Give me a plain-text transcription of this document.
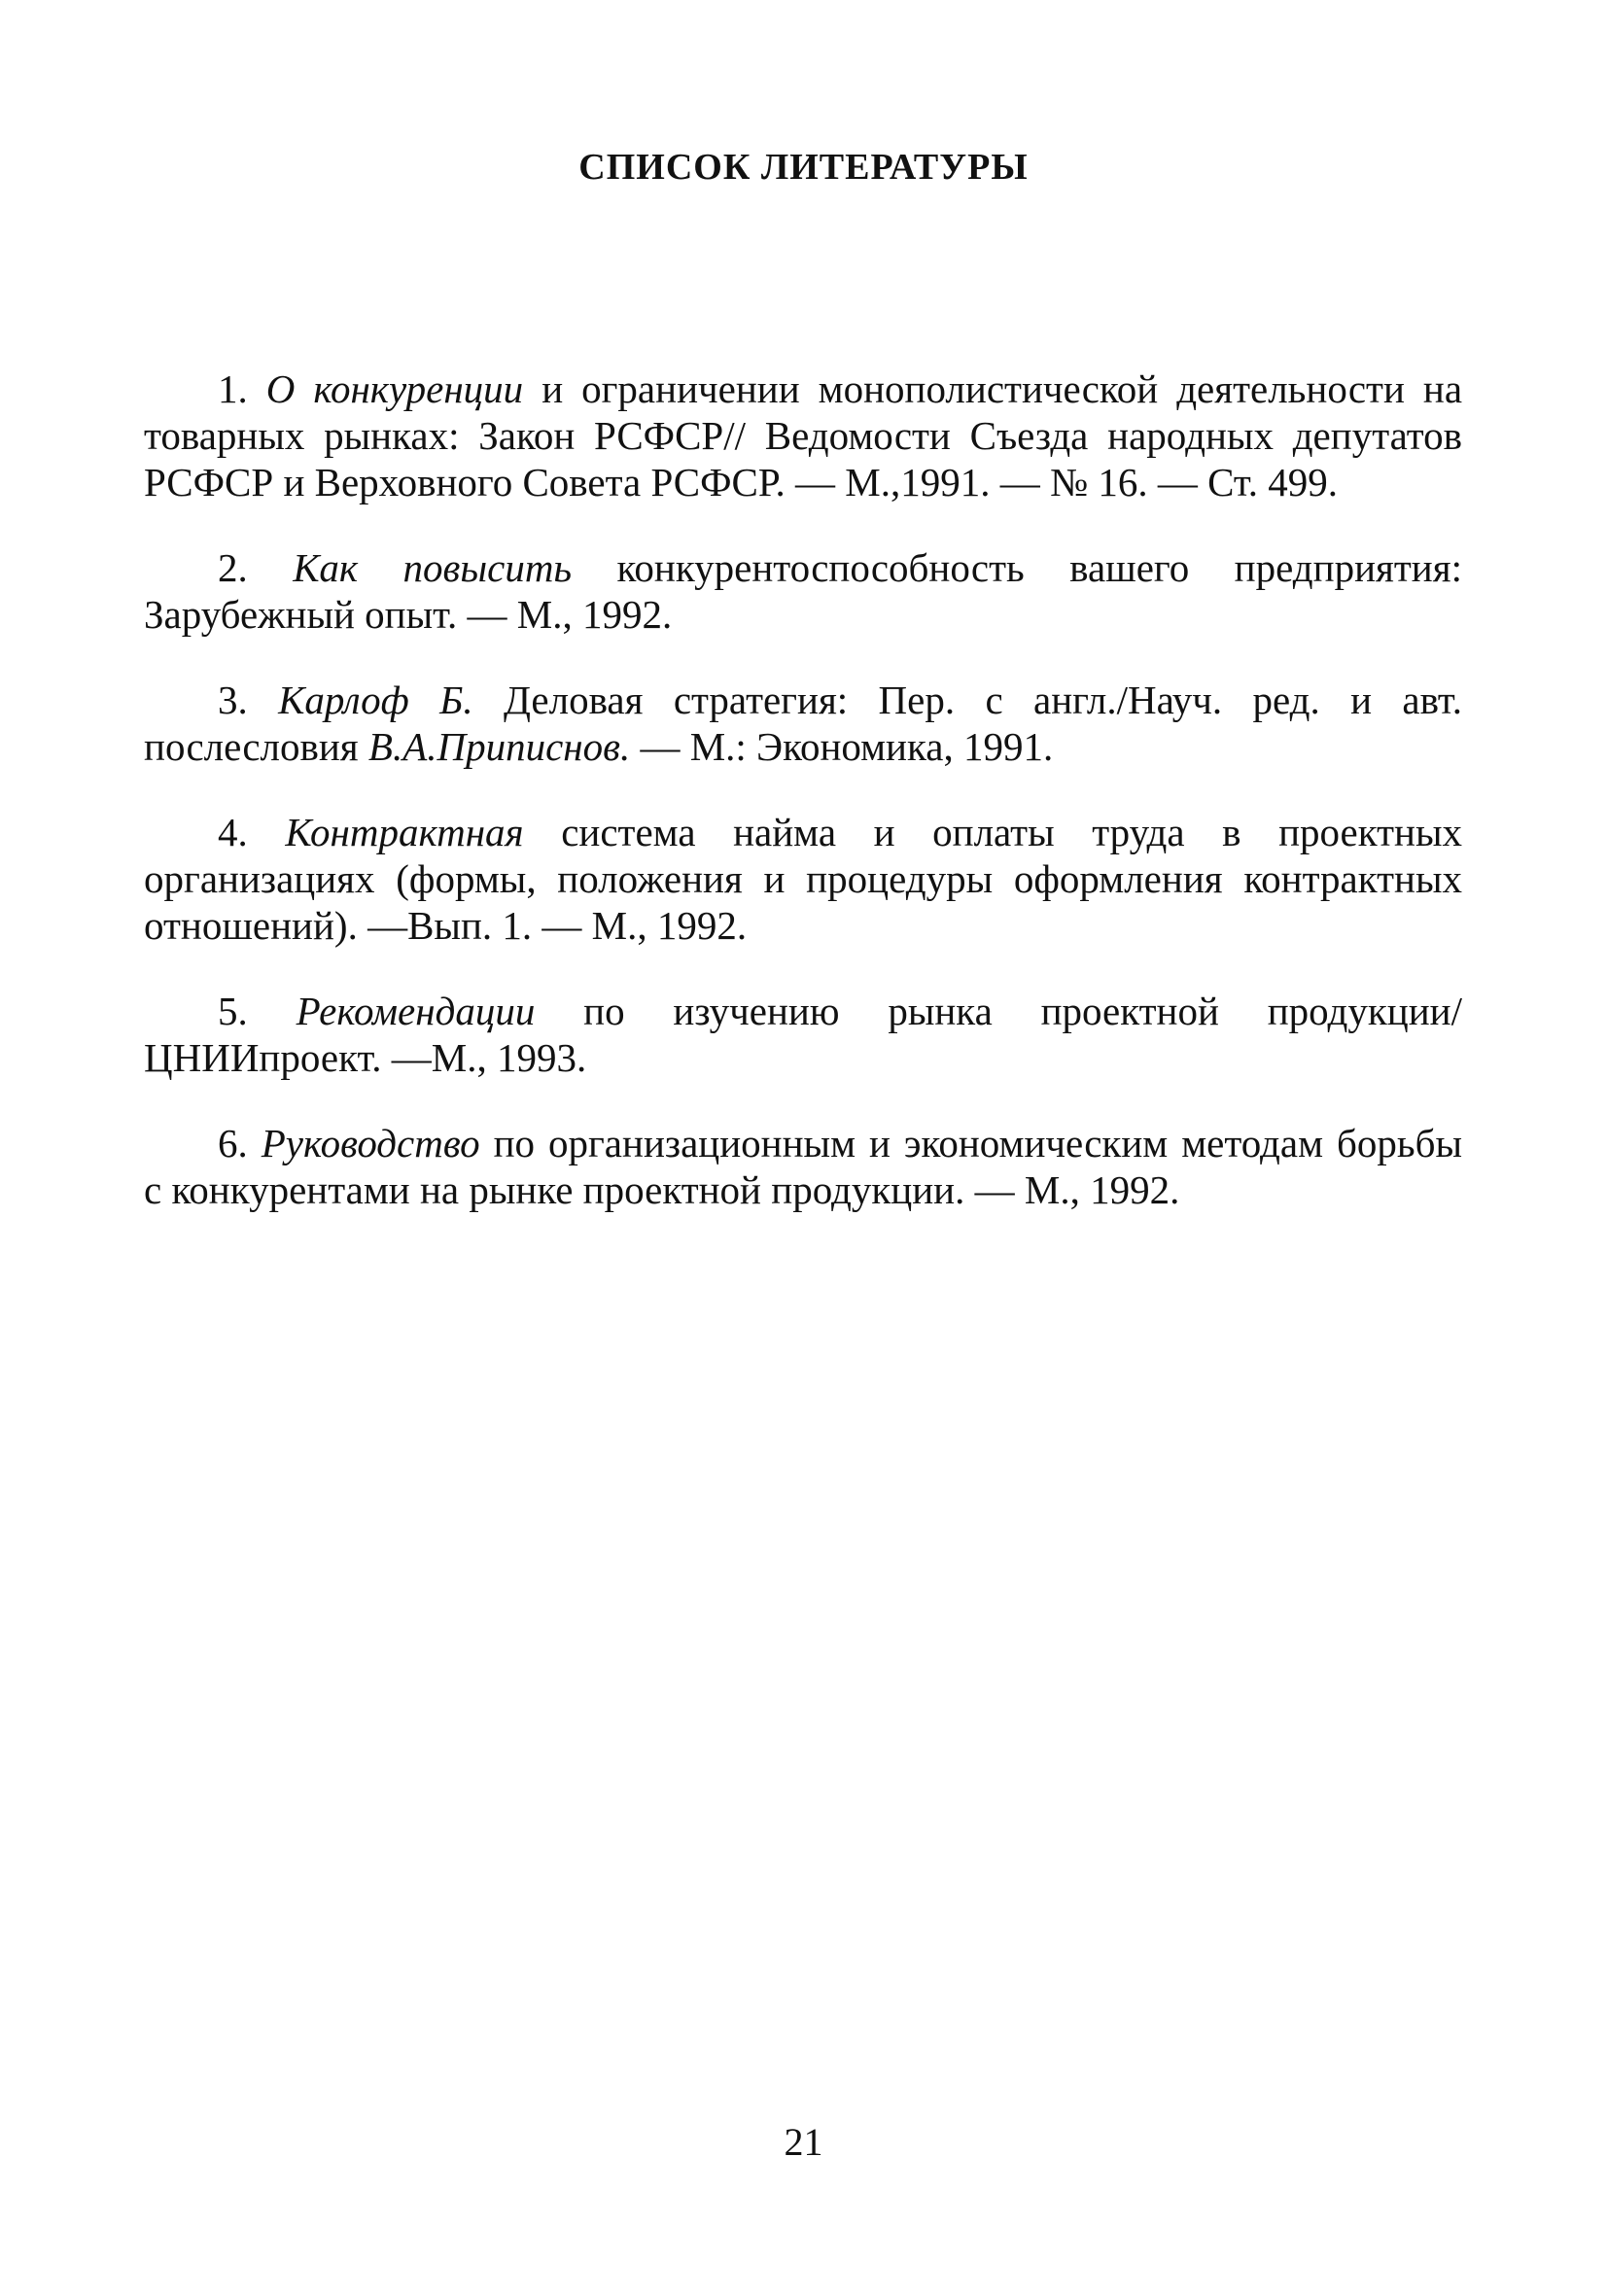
СПИСОК ЛИТЕРАТУРЫ
1. О конкуренции и ограничении монополистической деятельности на товарных рынках: Закон РСФСР// Ведомости Съезда народных депутатов РСФСР и Верховного Совета РСФСР. — М.,1991. — № 16. — Ст. 499.
2. Как повысить конкурентоспособность вашего предприятия: Зарубежный опыт. — М., 1992.
3. Карлоф Б. Деловая стратегия: Пер. с англ./Науч. ред. и авт. послесловия В.А.Приписнов. — М.: Экономика, 1991.
4. Контрактная система найма и оплаты труда в проектных организациях (формы, положения и процедуры оформления контрактных отношений). —Вып. 1. — М., 1992.
5. Рекомендации по изучению рынка проектной продукции/ ЦНИИпроект. —М., 1993.
6. Руководство по организационным и экономическим методам борьбы с конкурентами на рынке проектной продукции. — М., 1992.
21
